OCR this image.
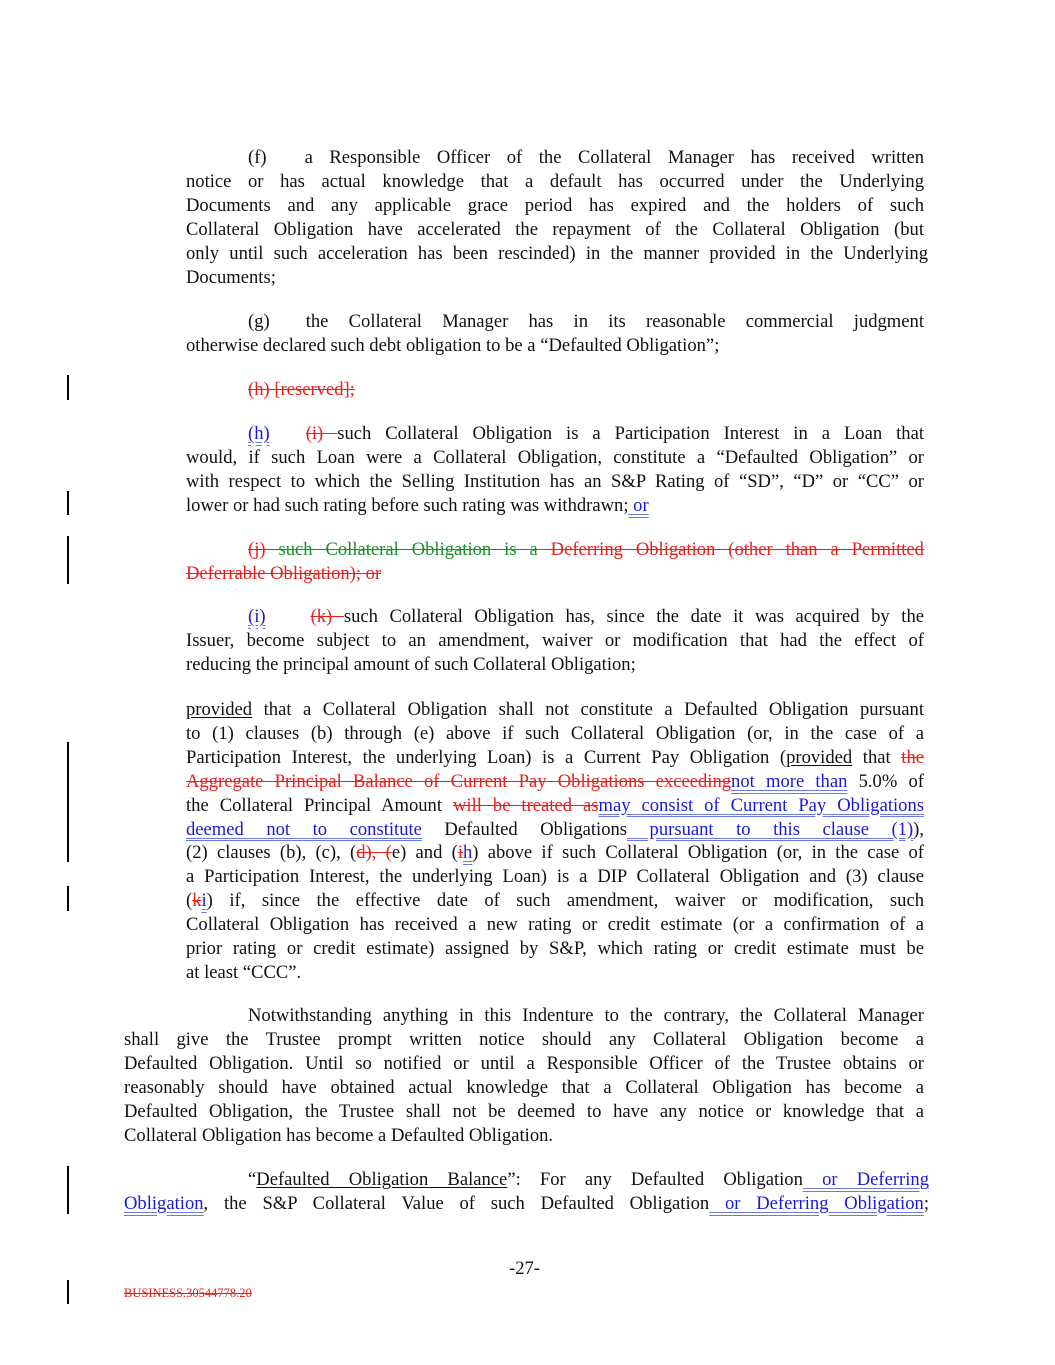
(f) a Responsible Officer of the Collateral Manager has received written
notice or has actual knowledge that a default has occurred under the Underlying
Documents and any applicable grace period has expired and the holders of such
Collateral Obligation have accelerated the repayment of the Collateral Obligation (but
only until such acceleration has been rescinded) in the manner provided in the Underlying
Documents;
(g) the Collateral Manager has in its reasonable commercial judgment
otherwise declared such debt obligation to be a “Defaulted Obligation”;
(h) [reserved];
(h) (i) such Collateral Obligation is a Participation Interest in a Loan that
would, if such Loan were a Collateral Obligation, constitute a “Defaulted Obligation” or
with respect to which the Selling Institution has an S&P Rating of “SD”, “D” or “CC” or
lower or had such rating before such rating was withdrawn; or
(j) such Collateral Obligation is a Deferring Obligation (other than a Permitted
Deferrable Obligation); or
(i) (k) such Collateral Obligation has, since the date it was acquired by the
Issuer, become subject to an amendment, waiver or modification that had the effect of
reducing the principal amount of such Collateral Obligation;
provided that a Collateral Obligation shall not constitute a Defaulted Obligation pursuant
to (1) clauses (b) through (e) above if such Collateral Obligation (or, in the case of a
Participation Interest, the underlying Loan) is a Current Pay Obligation (provided that the
Aggregate Principal Balance of Current Pay Obligations exceedingnot more than 5.0% of
the Collateral Principal Amount will be treated asmay consist of Current Pay Obligations
deemed not to constitute Defaulted Obligations pursuant to this clause (1)),
(2) clauses (b), (c), (d), (e) and (ih) above if such Collateral Obligation (or, in the case of
a Participation Interest, the underlying Loan) is a DIP Collateral Obligation and (3) clause
(ki) if, since the effective date of such amendment, waiver or modification, such
Collateral Obligation has received a new rating or credit estimate (or a confirmation of a
prior rating or credit estimate) assigned by S&P, which rating or credit estimate must be
at least “CCC”.
Notwithstanding anything in this Indenture to the contrary, the Collateral Manager
shall give the Trustee prompt written notice should any Collateral Obligation become a
Defaulted Obligation. Until so notified or until a Responsible Officer of the Trustee obtains or
reasonably should have obtained actual knowledge that a Collateral Obligation has become a
Defaulted Obligation, the Trustee shall not be deemed to have any notice or knowledge that a
Collateral Obligation has become a Defaulted Obligation.
“Defaulted Obligation Balance”: For any Defaulted Obligation or Deferring
Obligation, the S&P Collateral Value of such Defaulted Obligation or Deferring Obligation;
-27-
BUSINESS.30544778.20
